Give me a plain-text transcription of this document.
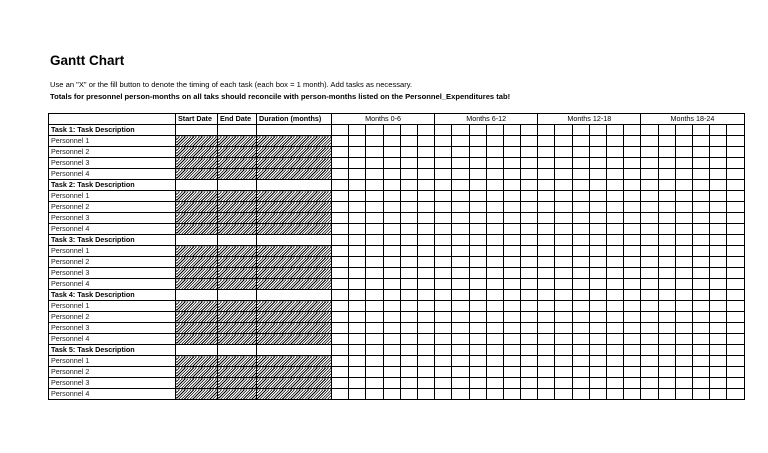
Gantt Chart
Use an "X" or the fill button to denote the timing of each task (each box = 1 month). Add tasks as necessary.
Totals for presonnel person-months on all taks should reconcile with person-months listed on the Personnel_Expenditures tab!
	Start Date	End Date	Duration (months)	Months 0-6						Months 6-12						Months 12-18						Months 18-24					
Task 1: Task Description																											
Personnel 1																											
Personnel 2																											
Personnel 3																											
Personnel 4																											
Task 2: Task Description																											
Personnel 1																											
Personnel 2																											
Personnel 3																											
Personnel 4																											
Task 3: Task Description																											
Personnel 1																											
Personnel 2																											
Personnel 3																											
Personnel 4																											
Task 4: Task Description																											
Personnel 1																											
Personnel 2																											
Personnel 3																											
Personnel 4																											
Task 5: Task Description																											
Personnel 1																											
Personnel 2																											
Personnel 3																											
Personnel 4																											
